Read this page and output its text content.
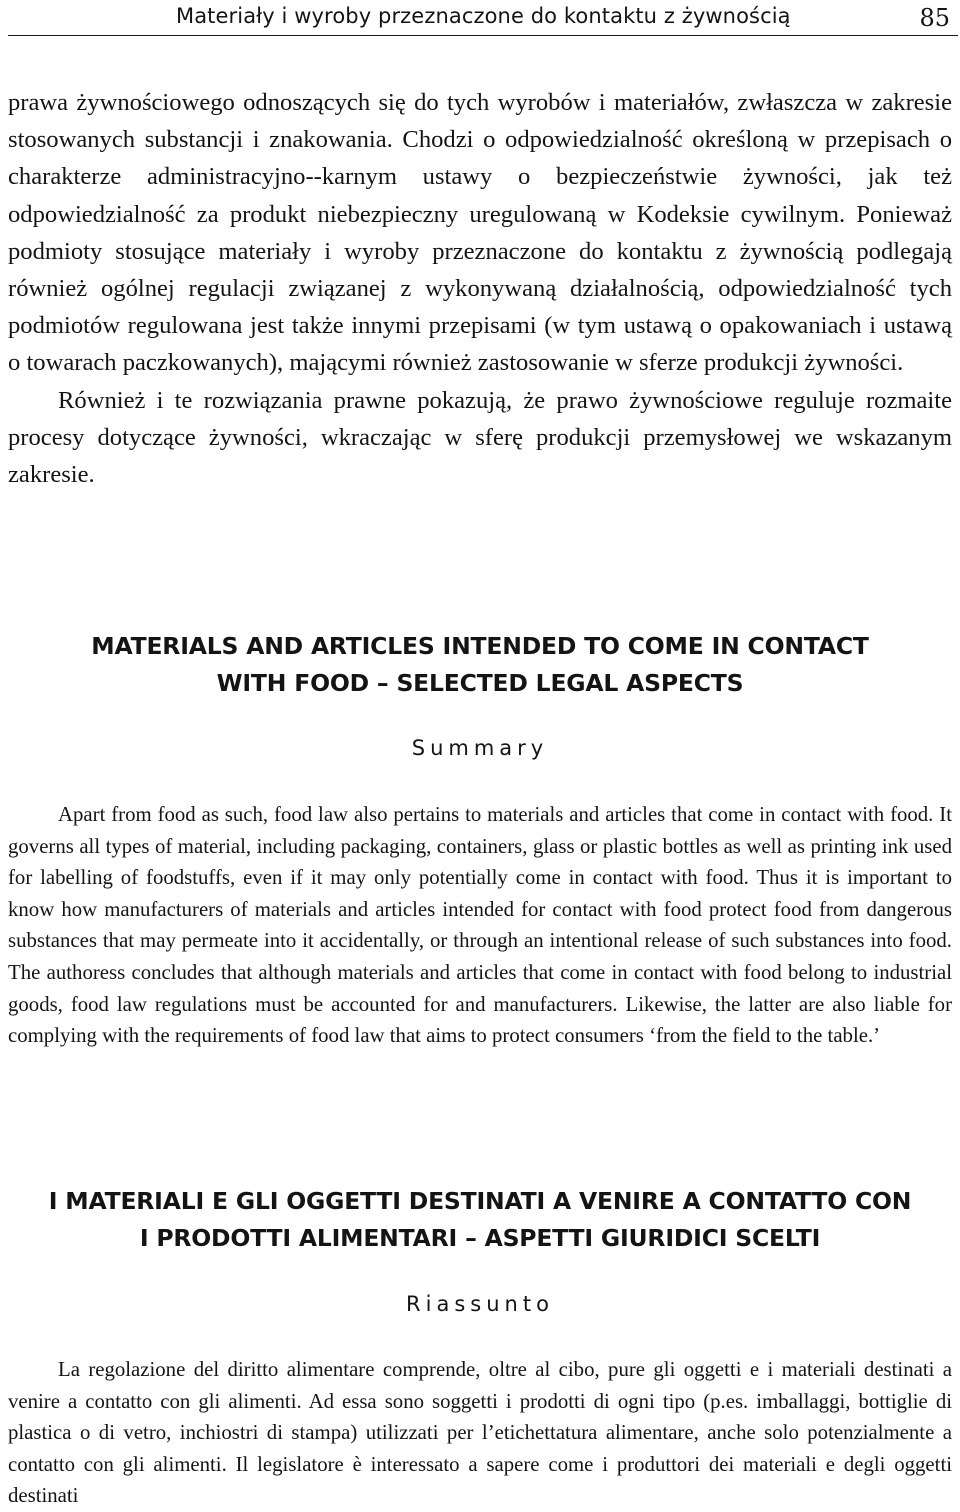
Materiały i wyroby przeznaczone do kontaktu z żywnością	85

prawa żywnościowego odnoszących się do tych wyrobów i materiałów, zwłaszcza w zakresie stosowanych substancji i znakowania. Chodzi o odpowiedzialność określoną w przepisach o charakterze administracyjno--karnym ustawy o bezpieczeństwie żywności, jak też odpowiedzialność za produkt niebezpieczny uregulowaną w Kodeksie cywilnym. Ponieważ podmioty stosujące materiały i wyroby przeznaczone do kontaktu z żywnością podlegają również ogólnej regulacji związanej z wykonywaną działalnością, odpowiedzialność tych podmiotów regulowana jest także innymi przepisami (w tym ustawą o opakowaniach i ustawą o towarach paczkowanych), mającymi również zastosowanie w sferze produkcji żywności.

Również i te rozwiązania prawne pokazują, że prawo żywnościowe reguluje rozmaite procesy dotyczące żywności, wkraczając w sferę produkcji przemysłowej we wskazanym zakresie.

MATERIALS AND ARTICLES INTENDED TO COME IN CONTACT
WITH FOOD – SELECTED LEGAL ASPECTS
Summary

Apart from food as such, food law also pertains to materials and articles that come in contact with food. It governs all types of material, including packaging, containers, glass or plastic bottles as well as printing ink used for labelling of foodstuffs, even if it may only potentially come in contact with food. Thus it is important to know how manufacturers of materials and articles intended for contact with food protect food from dangerous substances that may permeate into it accidentally, or through an intentional release of such substances into food. The authoress concludes that although materials and articles that come in contact with food belong to industrial goods, food law regulations must be accounted for and manufacturers. Likewise, the latter are also liable for complying with the requirements of food law that aims to protect consumers ‘from the field to the table.’

I MATERIALI E GLI OGGETTI DESTINATI A VENIRE A CONTATTO CON
I PRODOTTI ALIMENTARI – ASPETTI GIURIDICI SCELTI
Riassunto

La regolazione del diritto alimentare comprende, oltre al cibo, pure gli oggetti e i materiali destinati a venire a contatto con gli alimenti. Ad essa sono soggetti i prodotti di ogni tipo (p.es. imballaggi, bottiglie di plastica o di vetro, inchiostri di stampa) utilizzati per l’etichettatura alimentare, anche solo potenzialmente a contatto con gli alimenti. Il legislatore è interessato a sapere come i produttori dei materiali e degli oggetti destinati
